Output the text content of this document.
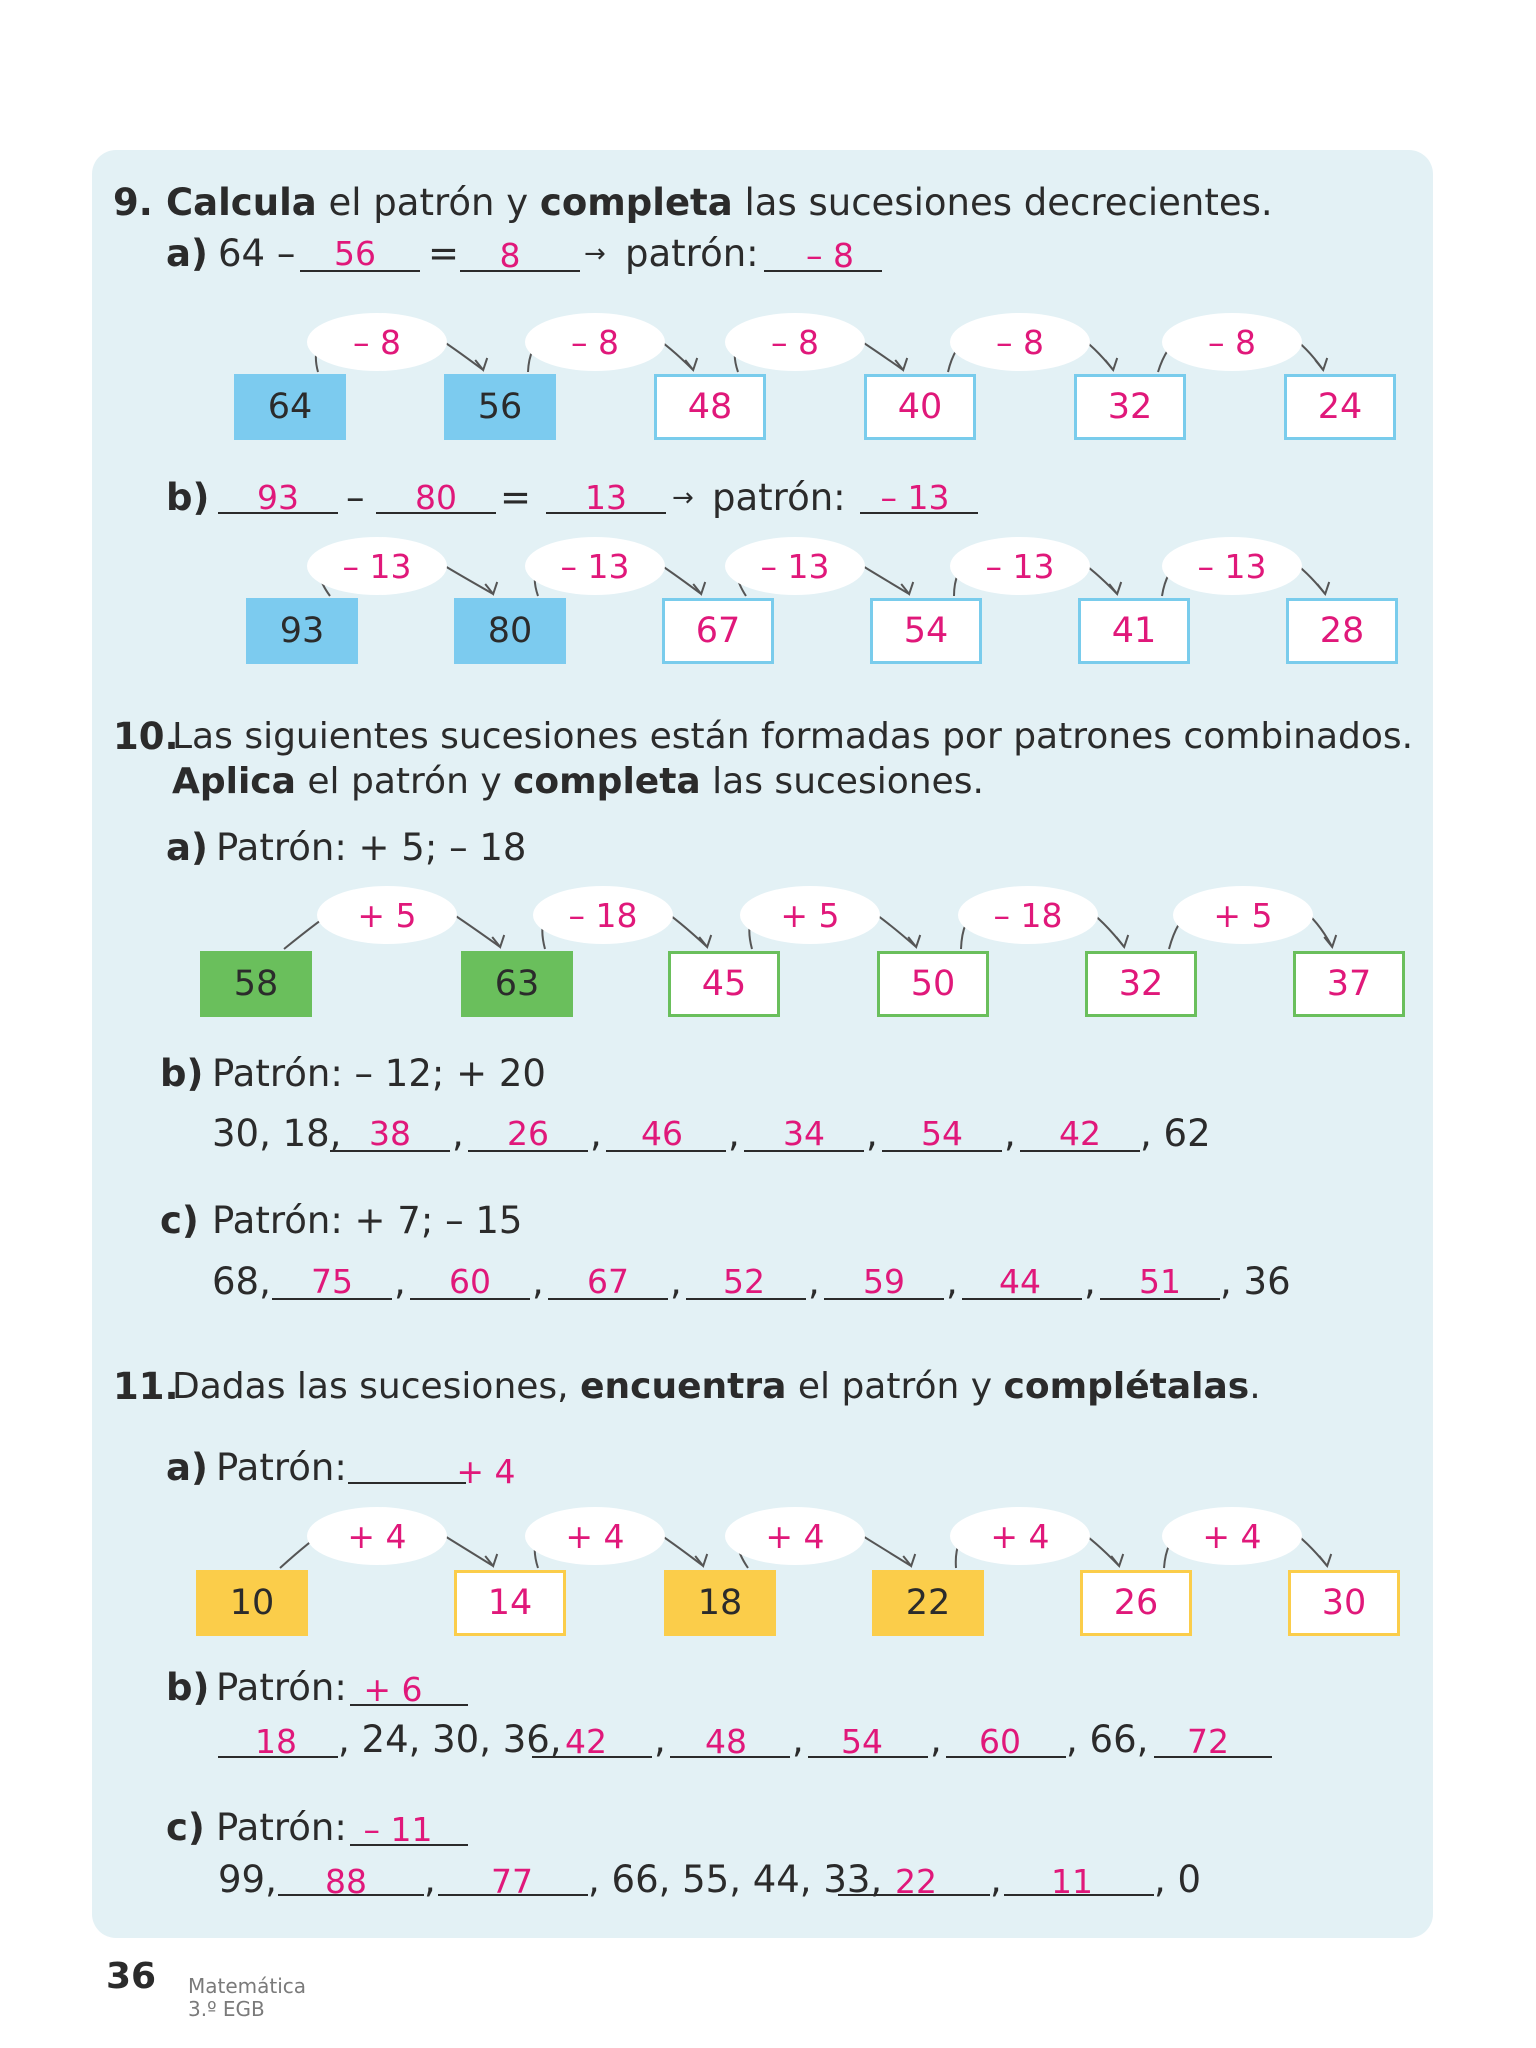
9. Calcula el patrón y completa las sucesiones decrecientes.
a) 64 –	56	=	8	→ patrón:	– 8
– 8	– 8	– 8	– 8	– 8
64	56	48	40	32	24
b)	93	–	80	=	13	→ patrón:	– 13
– 13	– 13	– 13	– 13	– 13
93	80	67	54	41	28
10.
Las siguientes sucesiones están formadas por patrones combinados.
Aplica el patrón y completa las sucesiones.
a) Patrón: + 5; – 18
+ 5	– 18	+ 5	– 18	+ 5
58	63	45	50	32	37
b) Patrón: – 12; + 20
30, 18, 38	,	26	,	46	,	34	,	54	,	42	, 62
c) Patrón: + 7; – 15
68,	75	,	60	,	67	,	52	,	59	,	44	,	51	, 36
11.
Dadas las sucesiones, encuentra el patrón y complétalas.
a) Patrón:	+ 4
+ 4	+ 4	+ 4	+ 4	+ 4
10	14	18	22	26	30
b) Patrón: + 6
18	, 24, 30, 36, 42	,	48	,	54	,	60	, 66,	72
c) Patrón: – 11
99,	88	,	77	, 66, 55, 44, 33, 22	,	11	, 0
36 Matemática
3.º EGB
